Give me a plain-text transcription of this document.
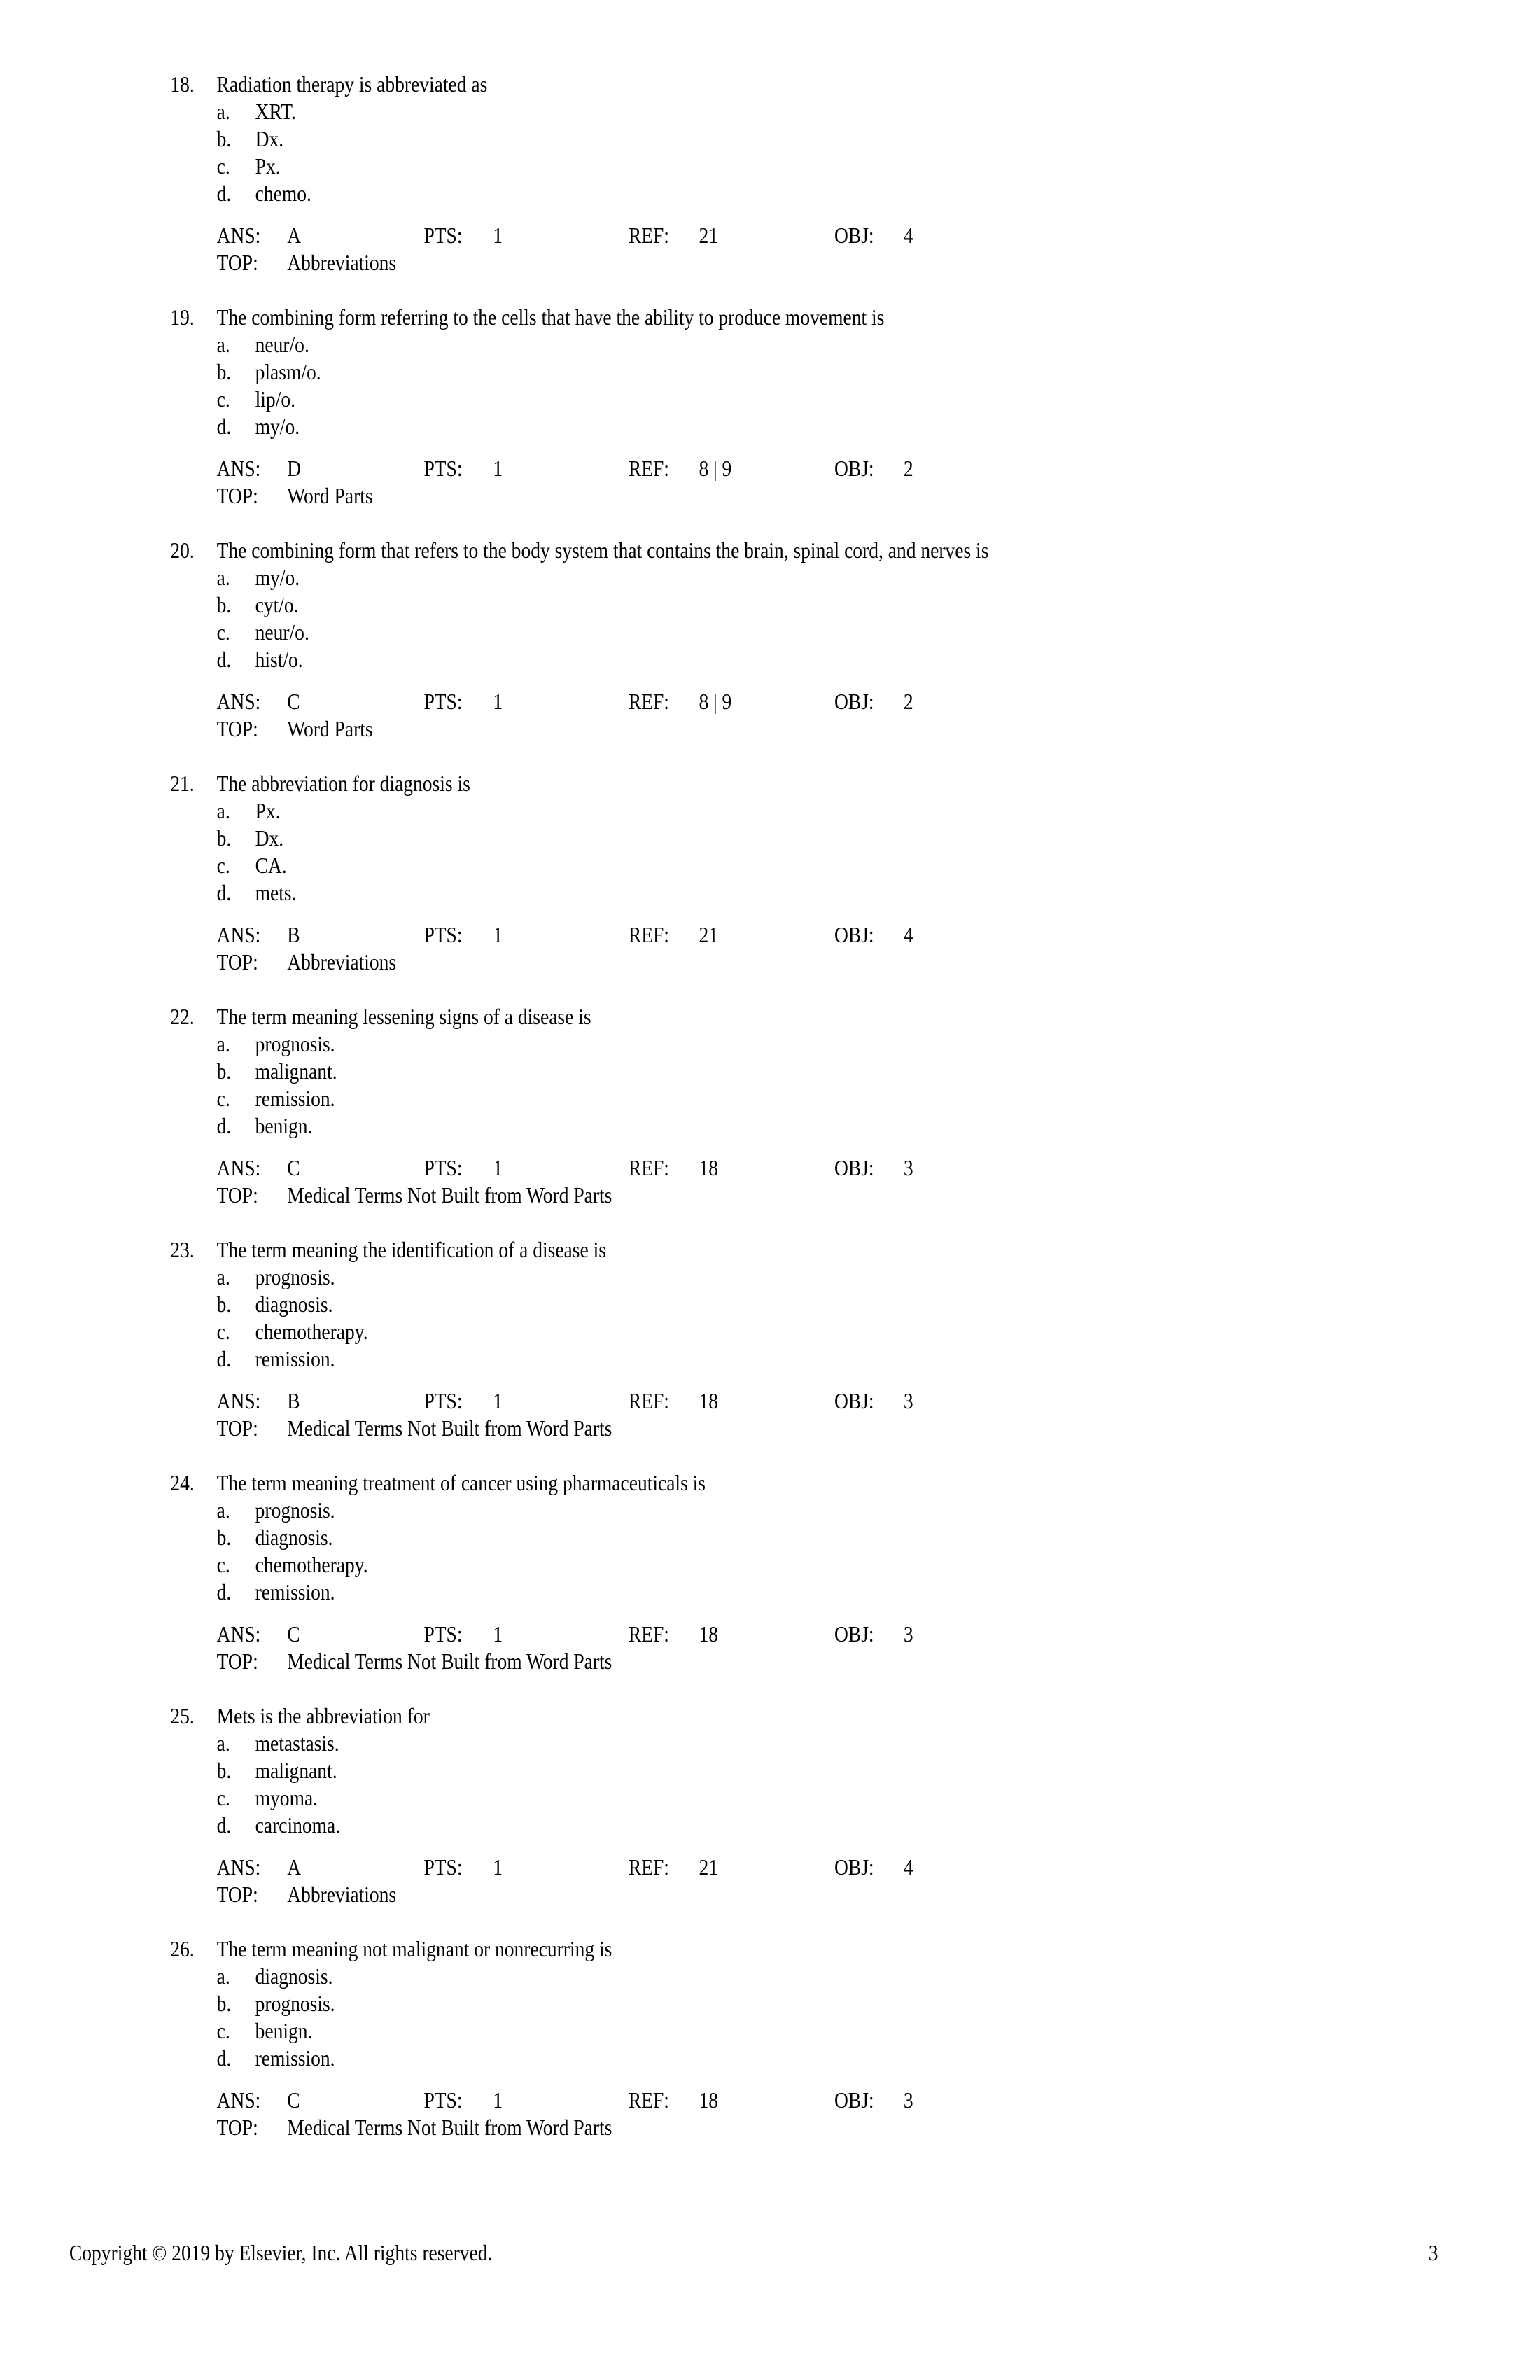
18. Radiation therapy is abbreviated as
a. XRT.
b. Dx.
c. Px.
d. chemo.
ANS: A	PTS: 1	REF: 21	OBJ: 4
TOP: Abbreviations
19. The combining form referring to the cells that have the ability to produce movement is
a. neur/o.
b. plasm/o.
c. lip/o.
d. my/o.
ANS: D	PTS: 1	REF: 8 | 9	OBJ: 2
TOP: Word Parts
20. The combining form that refers to the body system that contains the brain, spinal cord, and nerves is
a. my/o.
b. cyt/o.
c. neur/o.
d. hist/o.
ANS: C	PTS: 1	REF: 8 | 9	OBJ: 2
TOP: Word Parts
21. The abbreviation for diagnosis is
a. Px.
b. Dx.
c. CA.
d. mets.
ANS: B	PTS: 1	REF: 21	OBJ: 4
TOP: Abbreviations
22. The term meaning lessening signs of a disease is
a. prognosis.
b. malignant.
c. remission.
d. benign.
ANS: C	PTS: 1	REF: 18	OBJ: 3
TOP: Medical Terms Not Built from Word Parts
23. The term meaning the identification of a disease is
a. prognosis.
b. diagnosis.
c. chemotherapy.
d. remission.
ANS: B	PTS: 1	REF: 18	OBJ: 3
TOP: Medical Terms Not Built from Word Parts
24. The term meaning treatment of cancer using pharmaceuticals is
a. prognosis.
b. diagnosis.
c. chemotherapy.
d. remission.
ANS: C	PTS: 1	REF: 18	OBJ: 3
TOP: Medical Terms Not Built from Word Parts
25. Mets is the abbreviation for
a. metastasis.
b. malignant.
c. myoma.
d. carcinoma.
ANS: A	PTS: 1	REF: 21	OBJ: 4
TOP: Abbreviations
26. The term meaning not malignant or nonrecurring is
a. diagnosis.
b. prognosis.
c. benign.
d. remission.
ANS: C	PTS: 1	REF: 18	OBJ: 3
TOP: Medical Terms Not Built from Word Parts
Copyright © 2019 by Elsevier, Inc. All rights reserved.	3
